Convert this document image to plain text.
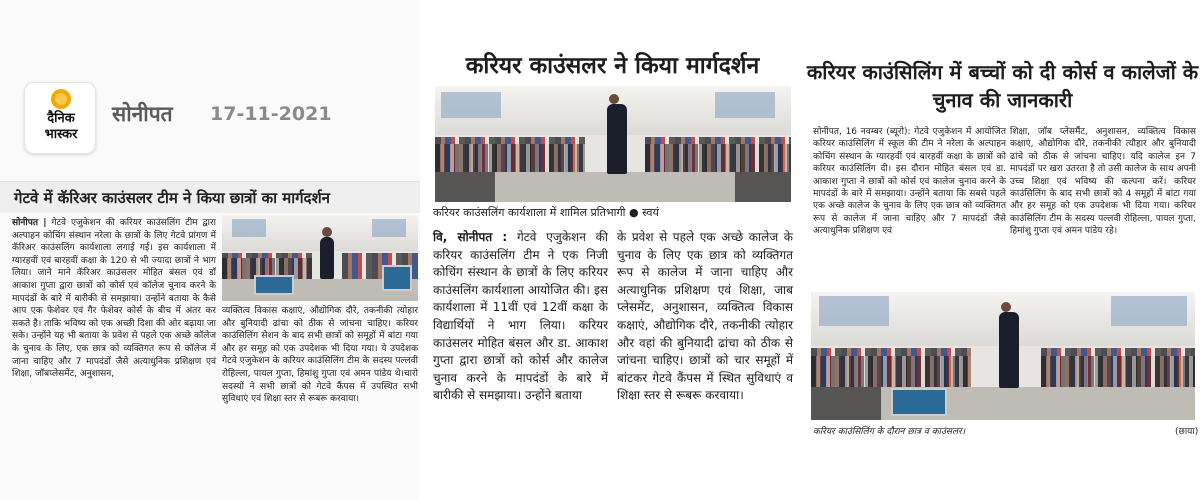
दैनिक
भास्कर
सोनीपत 17-11-2021
गेटवे में कॅरिअर काउंसलर टीम ने किया छात्रों का मार्गदर्शन
सोनीपत | गेटवे एजुकेशन की करियर काउंसलिंग टीम द्वारा अल्पाहन कोचिंग संस्थान नरेला के छात्रों के लिए गेटवे प्रांगण में कॅरिअर काउंसलिंग कार्यशाला लगाई गई। इस कार्यशाला में ग्यारहवीं एवं बारहवीं कक्षा के 120 से भी ज्यादा छात्रों ने भाग लिया। जाने माने कॅरिअर काउंसलर मोहित बंसल एवं डॉ आकाश गुप्ता द्वारा छात्रों को कोर्स एवं कॉलेज चुनाव करने के मापदंडों के बारे में बारीकी से समझाया। उन्होंने बताया के कैसे आप एक फेशेवर एवं गैर फेशेवर कोर्स के बीच में अंतर कर सकते है। ताकि भविष्य को एक अच्छी दिशा की ओर बढ़ाया जा सके। उन्होंने यह भी बताया के प्रवेश से पहले एक अच्छे कॉलेज के चुनाव के लिए, एक छात्र को व्यक्तिगत रूप से कॉलेज में जाना चाहिए और 7 मापदंडों जैसे अत्याधुनिक प्रशिक्षण एवं शिक्षा, जॉबप्लेसमेंट, अनुशासन,
व्यक्तित्व विकास कक्षाएं, औद्योगिक दौरे, तकनीकी त्योहार और बुनियादी ढांचा को ठीक से जांचना चाहिए। करियर काउंसिलिंग सेशन के बाद सभी छात्रों को समूहों में बांटा गया और हर समूह को एक उपदेशक भी दिया गया। ये उपदेशक गेटवे एजुकेशन के करियर काउंसिलिंग टीम के सदस्य पल्लवी रोहिल्ला, पायल गुप्ता, हिमांशु गुप्ता एवं अमन पांडेय थे।चारो सदस्यों ने सभी छात्रों को गेटवे कैंपस में उपस्थित सभी सुविधाएं एवं शिक्षा स्तर से रूबरू करवाया।
करियर काउंसलर ने किया मार्गदर्शन
करियर काउंसलिंग कार्यशाला में शामिल प्रतिभागी ● स्वयं
वि, सोनीपत : गेटवे एजुकेशन की करियर काउंसलिंग टीम ने एक निजी कोचिंग संस्थान के छात्रों के लिए करियर काउंसलिंग कार्यशाला आयोजित की। इस कार्यशाला में 11वीं एवं 12वीं कक्षा के विद्यार्थियों ने भाग लिया। करियर काउंसलर मोहित बंसल और डा. आकाश गुप्ता द्वारा छात्रों को कोर्स और कालेज चुनाव करने के मापदंडों के बारे में बारीकी से समझाया। उन्होंने बताया
के प्रवेश से पहले एक अच्छे कालेज के चुनाव के लिए एक छात्र को व्यक्तिगत रूप से कालेज में जाना चाहिए और अत्याधुनिक प्रशिक्षण एवं शिक्षा, जाब प्लेसमेंट, अनुशासन, व्यक्तित्व विकास कक्षाएं, औद्योगिक दौरे, तकनीकी त्योहार और वहां की बुनियादी ढांचा को ठीक से जांचना चाहिए। छात्रों को चार समूहों में बांटकर गेटवे कैंपस में स्थित सुविधाएं व शिक्षा स्तर से रूबरू करवाया।
करियर काउंसिलिंग में बच्चों को दी कोर्स व कालेजों के चुनाव की जानकारी
सोनीपत, 16 नवम्बर (ब्यूरो): गेटवे एजुकेशन में आयोजित करियर काउंसिलिंग में स्कूल की टीम ने नरेला के अल्पाहन कोचिंग संस्थान के ग्यारहवीं एवं बारहवीं कक्षा के छात्रों को करियर काउंसिलिंग दी। इस दौरान मोहित बंसल एवं डा. आकाश गुप्ता ने छात्रों को कोर्स एवं कालेज चुनाव करने के मापदंडों के बारे में समझाया। उन्होंने बताया कि सबसे पहले एक अच्छे कालेज के चुनाव के लिए एक छात्र को व्यक्तिगत रूप से कालेज में जाना चाहिए और 7 मापदंडों जैसे अत्याधुनिक प्रशिक्षण एवं
शिक्षा, जॉब प्लेसमैंट, अनुशासन, व्यक्तित्व विकास कक्षाएं, औद्योगिक दौरे, तकनीकी त्यौहार और बुनियादी ढांचे को ठीक से जांचना चाहिए। यदि कालेज इन 7 मापदंडों पर खरा उतरता है तो उसी कालेज के साथ अपनी उच्च शिक्षा एवं भविष्य की कल्पना करें। करियर काउंसिलिंग के बाद सभी छात्रों को 4 समूहों में बांटा गया और हर समूह को एक उपदेशक भी दिया गया। करियर काउंसिलिंग टीम के सदस्य पल्लवी रोहिल्ला, पायल गुप्ता, हिमांशु गुप्ता एवं अमन पांडेय रहे।
करियर काउंसिलिंग के दौरान छात्र व काउंसलर।	(छाया)
